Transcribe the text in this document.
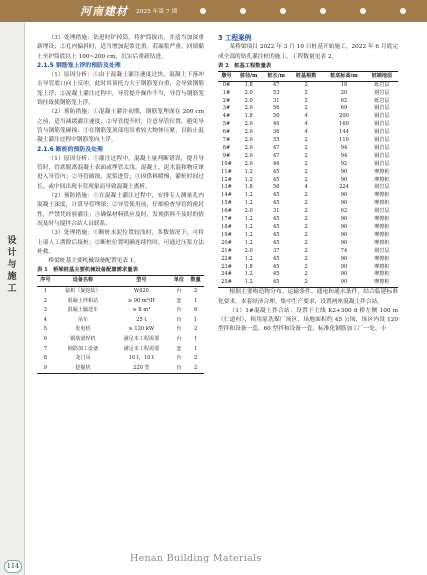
河南建材 2025 年第 7 期
设计与施工

（3）处理措施：钻进时铲掉筒，将护筒拔出，并适当加深重新埋设；②孔内偏斜时，适当增加泥浆比重。若漏浆严重，回填黏土至护筒底以上 100~200 cm，沉实后重新钻进。

2.1.5 钢筋笼上浮的预防及处理

（1）原因分析：①由于混凝土灌注速度过快，混凝土下落冲击导管底口向上反冲，此时其顶托力大于钢筋笼自重，会导致钢筋笼上浮；②混凝土灌注过程中，导管提升操作不当，导管与钢筋笼钩挂致使钢筋笼上浮。

（2）预防措施：①混凝土灌注初期，钢筋笼埋深在 200 cm 之前，适当减缓灌注速度；②导管提升时，注意导管位置，避免导管与钢筋笼碰撞；③在钢筋笼顶部用吊重较大物体压紧，以防止混凝土灌注过程中钢筋笼向上浮。

2.1.6 断桩的预防及处理

（1）原因分析：①灌注过程中，混凝土量判断错误，提升导管时，管底脱离混凝土表面或埋管太浅，混凝土、泥水混和物反窜进入导管内；②导管破损，泥浆进管；③因供料暖慢，灌桩时间过长，或中间出现卡管现象而导致混凝土离析。

（2）预防措施：①在混凝土灌注过程中，安排专人测量孔内混凝土深度，计算导管埋深；②导管使用前，仔细检查导管的密封性，严禁凭经验灌注；③确保材料供应及时，发现供料不及时的情况及时与搅拌合站人员联系。

（3）处理措施：①断桩水泥位置较浅时，多数情况下，可将上部人工凿除后接桩；②断桩位置明确连续性时，可通过压浆方法补救。

桥梁桩基主要机械设备配置见表 1。

表 1　桥梁桩基主要机械设备配置需求量表

序号	设备名称	型号	单位	数量
1	钻机（旋挖钻）	W420	台	2
2	混凝土拌和站	≥ 90 m³/H	套	1
3	混凝土输送车	≥ 8 m³	台	6
4	吊车	25 t	台	1
5	发电机	≥ 120 kW	台	2
6	钢筋滚焊机	满足本工程需要	台	1
7	钢筋加工设备	满足本工程需要	套	1
8	龙门吊	10 t、10 t	台	2
9	挖掘机	220 型	台	2
3 工程案例

某桥梁项目 2022 年 3 月 10 日桩基开始施工，2022 年 6 月底完成全部的钻孔灌注桩的施工。工程数量见表 2。

表 2　桩基工程数量表

墩号	桩径/m	桩长/m	桩基根数	桩底标高/m	桩端地层
0#	1.8	47	2	18	砾岩层
1#	2.0	53	2	20	钢岩层
2#	2.0	31	2	62	砾岩层
3#	2.0	56	2	69	钢岩层
4#	1.8	50	4	200	钢岩层
5#	2.0	40	4	160	钢岩层
6#	2.0	36	4	144	钢岩层
7#	2.0	55	2	110	钢岩层
8#	2.0	47	2	94	钢岩层
9#	2.0	47	2	94	钢岩层
10#	2.0	46	2	92	钢岩层
11#	1.2	45	2	90	摩擦桩
12#	1.2	45	2	90	摩擦桩
13#	1.8	56	4	224	钢岩层
14#	1.2	45	2	90	摩擦桩
15#	1.2	45	2	90	摩擦桩
16#	2.0	31	2	62	钢岩层
17#	1.2	45	2	90	摩擦桩
18#	1.2	45	2	90	摩擦桩
19#	1.2	45	2	90	摩擦桩
20#	1.2	45	2	90	摩擦桩
21#	2.0	37	2	74	钢岩层
22#	1.2	45	2	90	摩擦桩
23#	1.8	45	2	90	摩擦桩
24#	1.2	45	2	90	摩擦桩
25#	1.2	45	2	90	摩擦桩

根据主要构造物分布、运输条件、通电和通水条件，结合临建标准化要求，本着经济合理、集中生产要求，设置两座混凝土拌合站。

（1）1#混凝土拌合站：设置于主线 K2+300 d 桥左侧 100 m（仁道村），租用原洗煤厂场区，场地面积约 45 公顷，场区内设 120 型拌和设备一套、60 型拌和设备一套、标准化钢筋加工厂一处、小

Henan Building Materials
114
